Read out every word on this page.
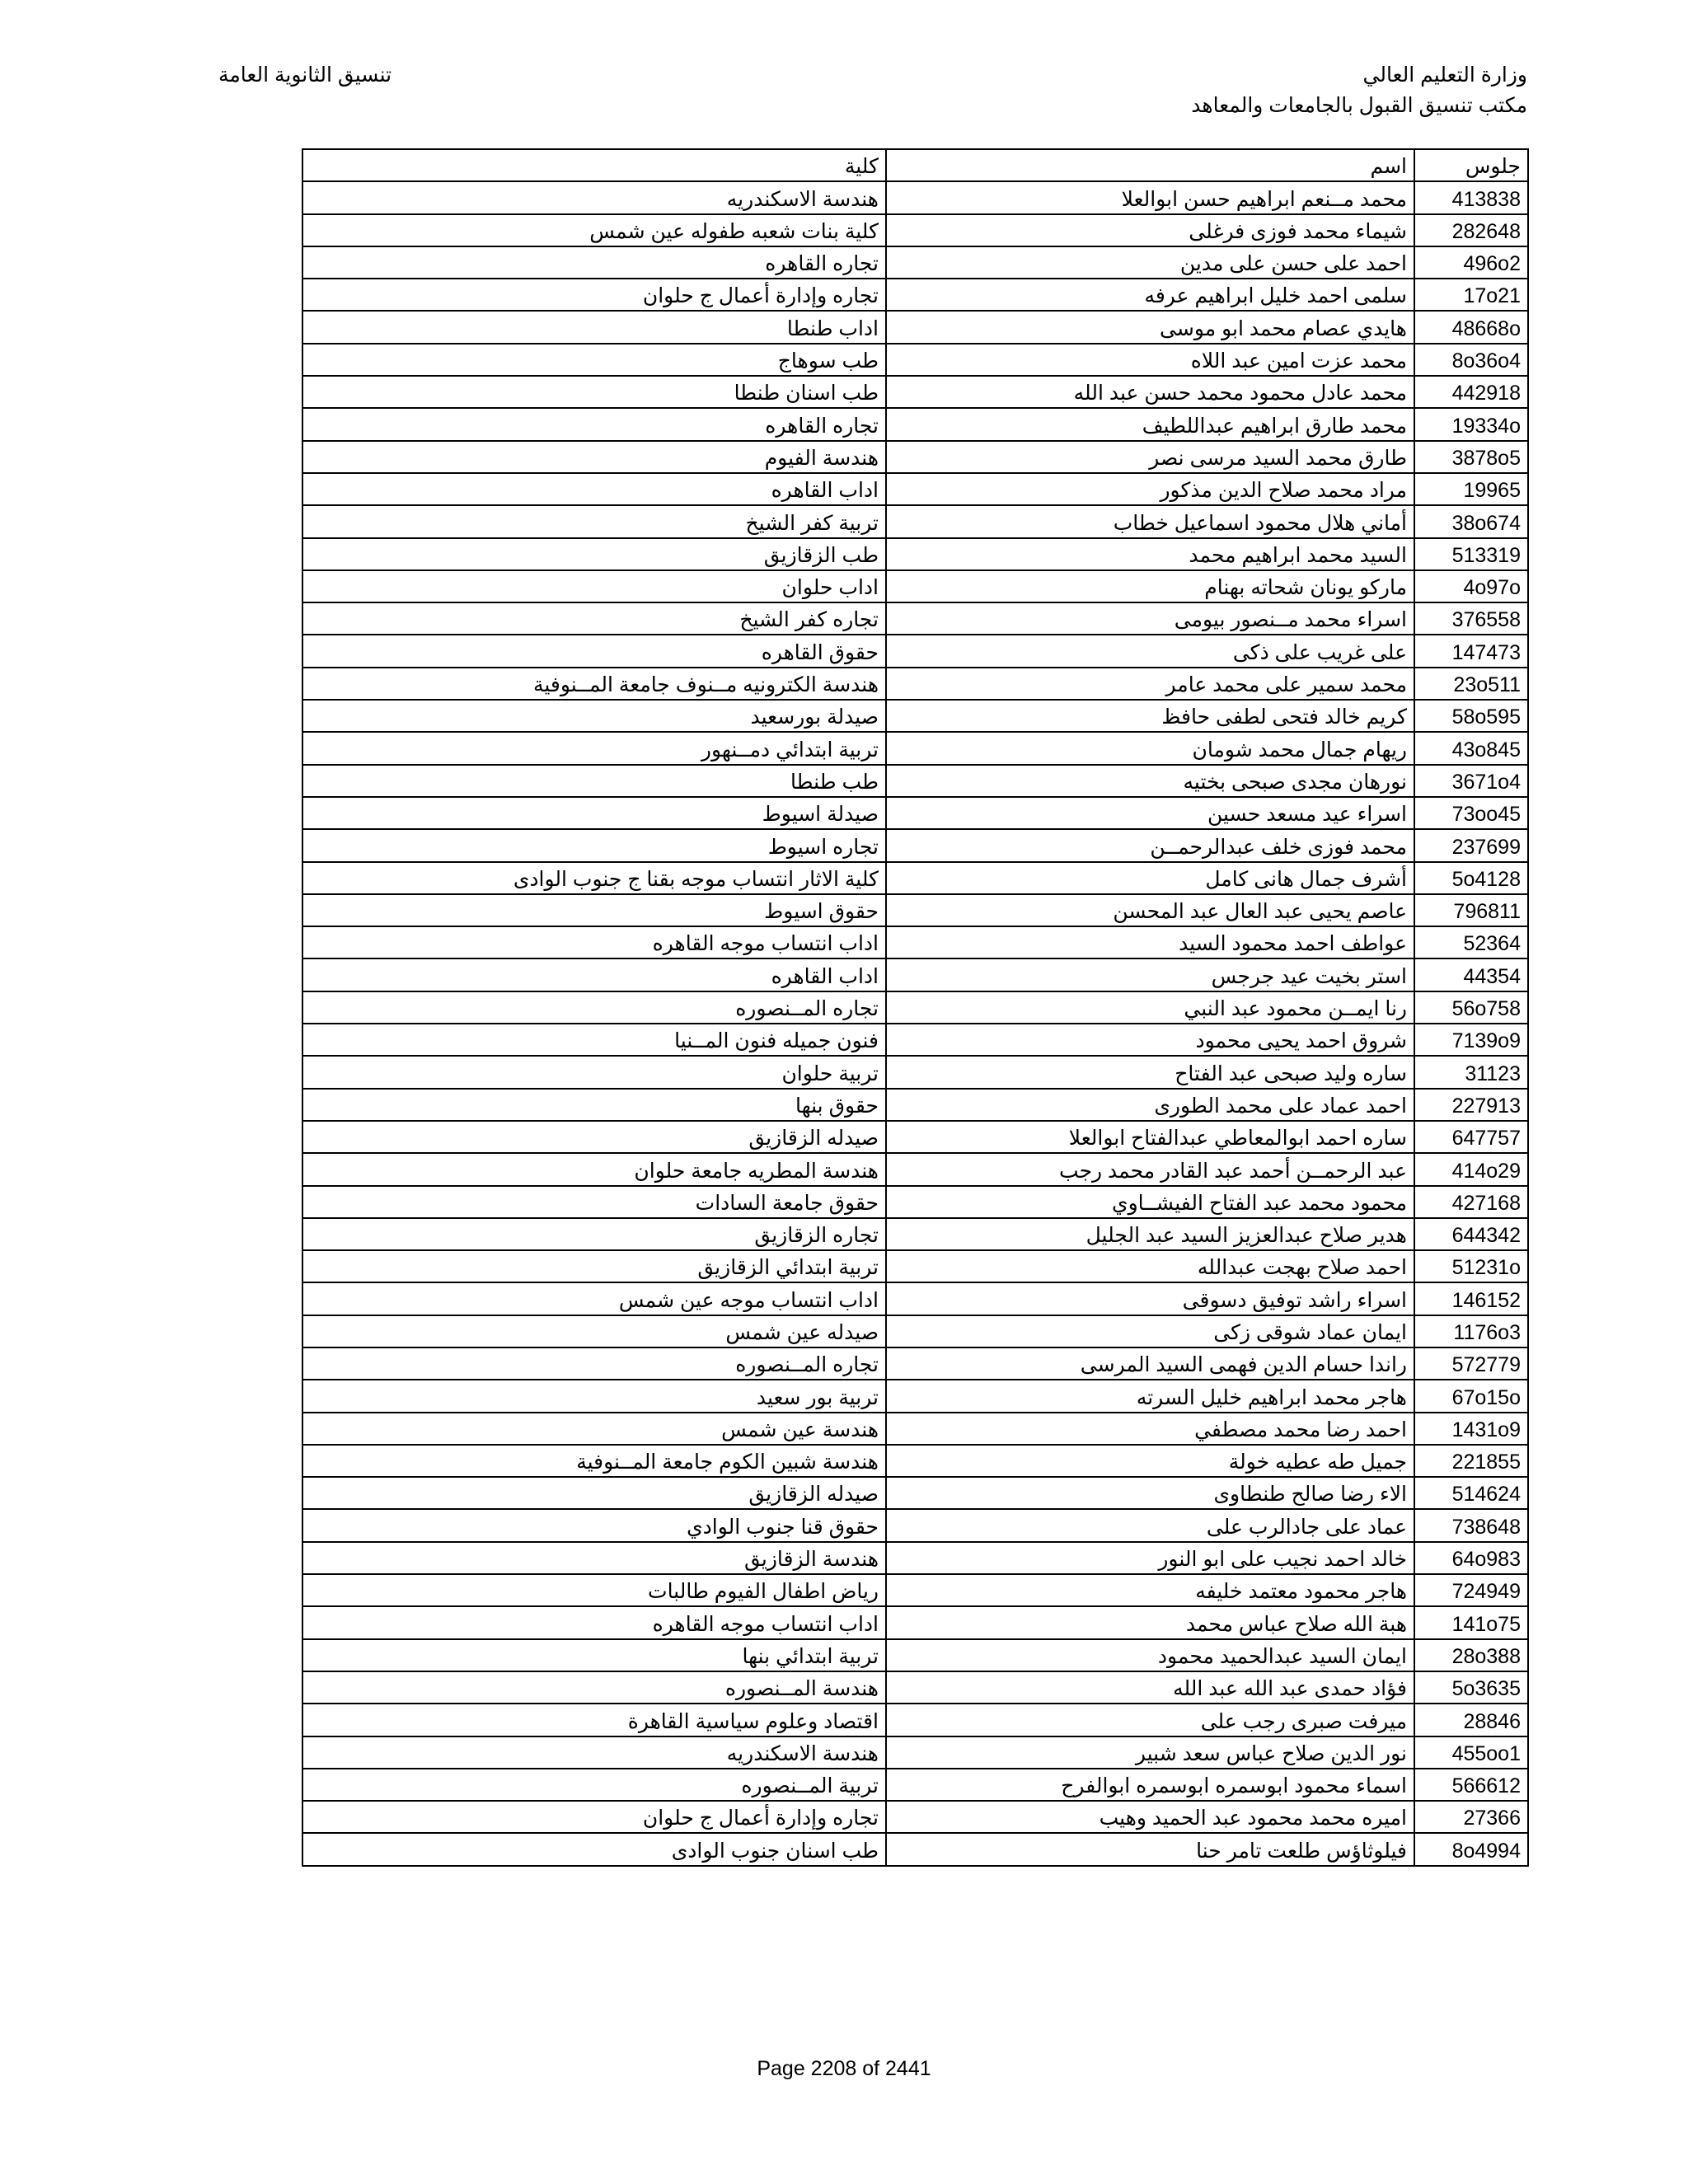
وزارة التعليم العالي
مكتب تنسيق القبول بالجامعات والمعاهد
تنسيق الثانوية العامة
جلوس	اسم	كلية
413838	محمد مــنعم ابراهيم حسن ابوالعلا	هندسة الاسكندريه
282648	شيماء محمد فوزى فرغلى	كلية بنات شعبه طفوله عين شمس
496o2	احمد على حسن على مدين	تجاره القاهره
17o21	سلمى احمد خليل ابراهيم عرفه	تجاره وإدارة أعمال ج حلوان
48668o	هايدي عصام محمد ابو موسى	اداب طنطا
8o36o4	محمد عزت امين عبد اللاه	طب سوهاج
442918	محمد عادل محمود محمد حسن عبد الله	طب اسنان طنطا
19334o	محمد طارق ابراهيم عبداللطيف	تجاره القاهره
3878o5	طارق محمد السيد مرسى نصر	هندسة الفيوم
19965	مراد محمد صلاح الدين مذكور	اداب القاهره
38o674	أماني هلال محمود اسماعيل خطاب	تربية كفر الشيخ
513319	السيد محمد ابراهيم محمد	طب الزقازيق
4o97o	ماركو يونان شحاته بهنام	اداب حلوان
376558	اسراء محمد مــنصور بيومى	تجاره كفر الشيخ
147473	على غريب على ذكى	حقوق القاهره
23o511	محمد سمير على محمد عامر	هندسة الكترونيه مــنوف جامعة المــنوفية
58o595	كريم خالد فتحى لطفى حافظ	صيدلة بورسعيد
43o845	ريهام جمال محمد شومان	تربية ابتدائي دمــنهور
3671o4	نورهان مجدى صبحى بختيه	طب طنطا
73oo45	اسراء عيد مسعد حسين	صيدلة اسيوط
237699	محمد فوزى خلف عبدالرحمــن	تجاره اسيوط
5o4128	أشرف جمال هانى كامل	كلية الاثار انتساب موجه بقنا ج جنوب الوادى
796811	عاصم يحيى عبد العال عبد المحسن	حقوق اسيوط
52364	عواطف احمد محمود السيد	اداب انتساب موجه القاهره
44354	استر بخيت عيد جرجس	اداب القاهره
56o758	رنا ايمــن محمود عبد النبي	تجاره المــنصوره
7139o9	شروق احمد يحيى محمود	فنون جميله فنون المــنيا
31123	ساره وليد صبحى عبد الفتاح	تربية حلوان
227913	احمد عماد على محمد الطورى	حقوق بنها
647757	ساره احمد ابوالمعاطي عبدالفتاح ابوالعلا	صيدله الزقازيق
414o29	عبد الرحمــن أحمد عبد القادر محمد رجب	هندسة المطريه جامعة حلوان
427168	محمود محمد عبد الفتاح الفيشــاوي	حقوق جامعة السادات
644342	هدير صلاح عبدالعزيز السيد عبد الجليل	تجاره الزقازيق
51231o	احمد صلاح بهجت عبدالله	تربية ابتدائي الزقازيق
146152	اسراء راشد توفيق دسوقى	اداب انتساب موجه عين شمس
1176o3	ايمان عماد شوقى زكى	صيدله عين شمس
572779	راندا حسام الدين فهمى السيد المرسى	تجاره المــنصوره
67o15o	هاجر محمد ابراهيم خليل السرته	تربية بور سعيد
1431o9	احمد رضا محمد مصطفي	هندسة عين شمس
221855	جميل طه عطيه خولة	هندسة شبين الكوم جامعة المــنوفية
514624	الاء رضا صالح طنطاوى	صيدله الزقازيق
738648	عماد على جادالرب على	حقوق قنا جنوب الوادي
64o983	خالد احمد نجيب على ابو النور	هندسة الزقازيق
724949	هاجر محمود معتمد خليفه	رياض اطفال الفيوم طالبات
141o75	هبة الله صلاح عباس محمد	اداب انتساب موجه القاهره
28o388	ايمان السيد عبدالحميد محمود	تربية ابتدائي بنها
5o3635	فؤاد حمدى عبد الله عبد الله	هندسة المــنصوره
28846	ميرفت صبرى رجب على	اقتصاد وعلوم سياسية القاهرة
455oo1	نور الدين صلاح عباس سعد شبير	هندسة الاسكندريه
566612	اسماء محمود ابوسمره ابوسمره ابوالفرح	تربية المــنصوره
27366	اميره محمد محمود عبد الحميد وهيب	تجاره وإدارة أعمال ج حلوان
8o4994	فيلوثاؤس طلعت تامر حنا	طب اسنان جنوب الوادى
Page 2208 of 2441
